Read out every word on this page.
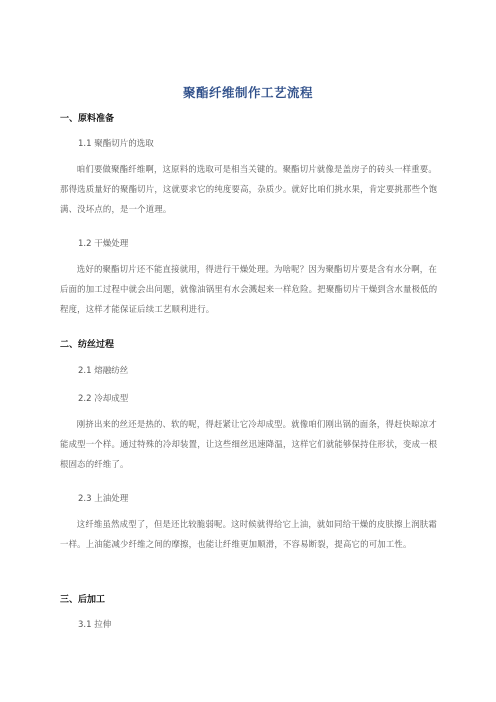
聚酯纤维制作工艺流程
一、原料准备
1.1 聚酯切片的选取

咱们要做聚酯纤维啊，这原料的选取可是相当关键的。聚酯切片就像是盖房子的砖头一样重要。那得选质量好的聚酯切片，这就要求它的纯度要高，杂质少。就好比咱们挑水果，肯定要挑那些个饱满、没坏点的，是一个道理。

1.2 干燥处理

选好的聚酯切片还不能直接就用，得进行干燥处理。为啥呢？因为聚酯切片要是含有水分啊，在后面的加工过程中就会出问题，就像油锅里有水会溅起来一样危险。把聚酯切片干燥到含水量极低的程度，这样才能保证后续工艺顺利进行。

二、纺丝过程
2.1 熔融纺丝
2.2 冷却成型

刚挤出来的丝还是热的、软的呢，得赶紧让它冷却成型。就像咱们刚出锅的面条，得赶快晾凉才能成型一个样。通过特殊的冷却装置，让这些细丝迅速降温，这样它们就能够保持住形状，变成一根根固态的纤维了。

2.3 上油处理

这纤维虽然成型了，但是还比较脆弱呢。这时候就得给它上油，就如同给干燥的皮肤擦上润肤霜一样。上油能减少纤维之间的摩擦，也能让纤维更加顺滑，不容易断裂，提高它的可加工性。

三、后加工
3.1 拉伸
